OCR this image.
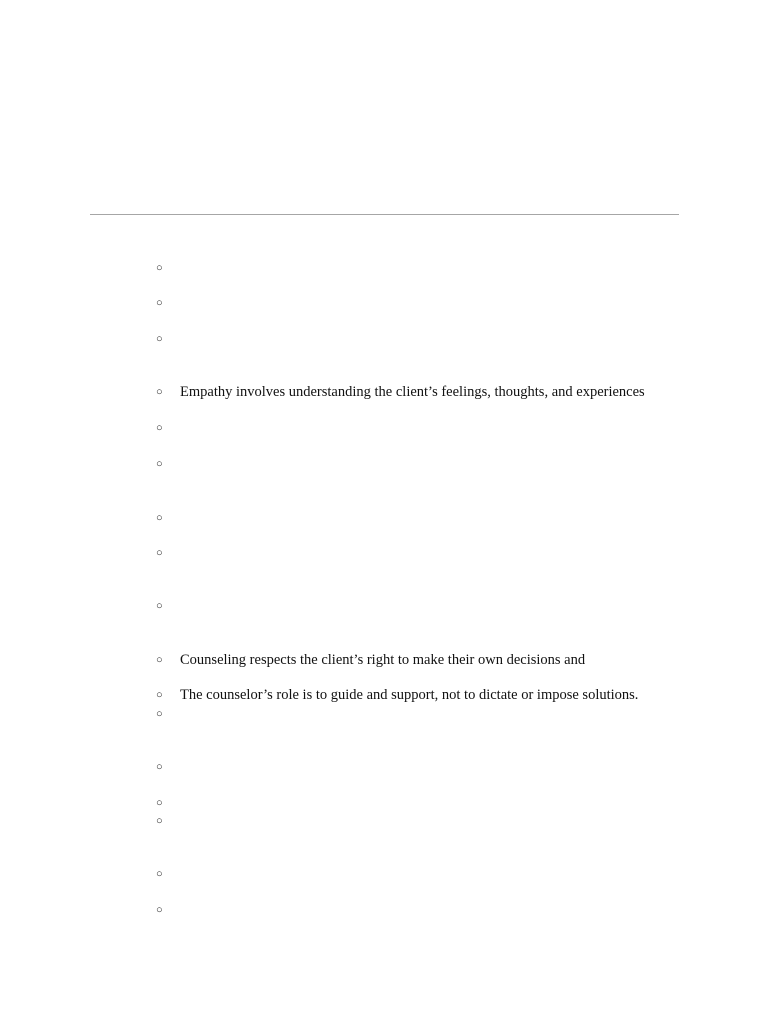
○
○
○
○ Empathy involves understanding the client’s feelings, thoughts, and experiences
○
○
○
○
○
○ Counseling respects the client’s right to make their own decisions and
○ The counselor’s role is to guide and support, not to dictate or impose solutions.
○
○
○
○
○
○
